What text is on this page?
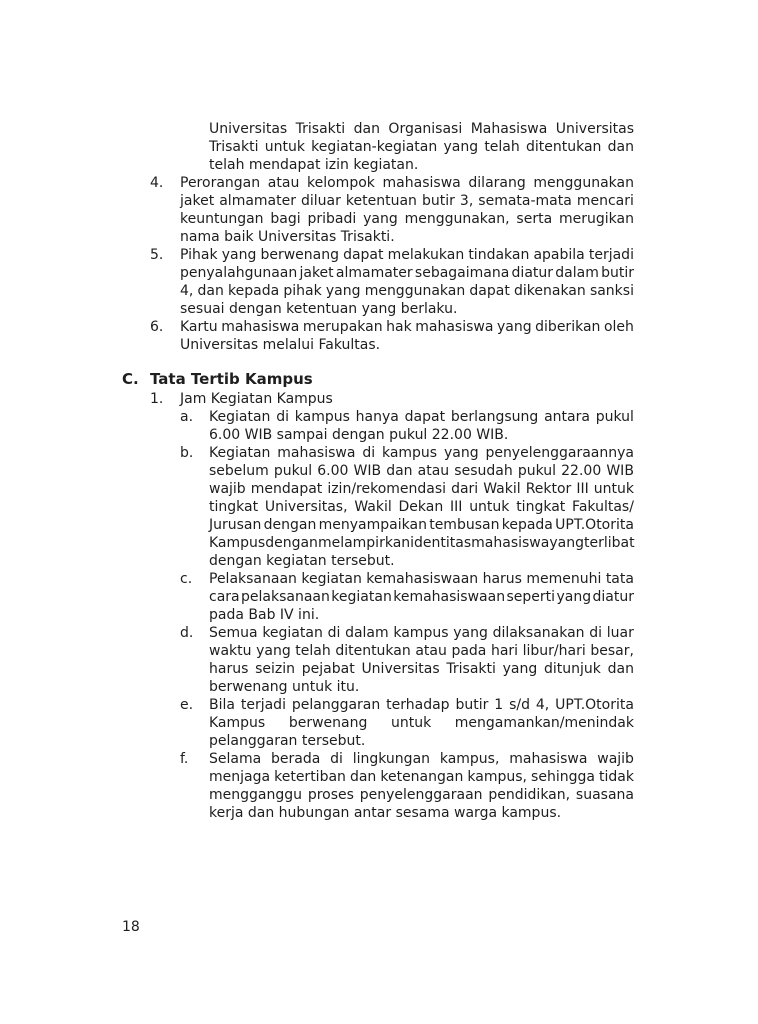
Universitas Trisakti dan Organisasi Mahasiswa Universitas
Trisakti untuk kegiatan-kegiatan yang telah ditentukan dan
telah mendapat izin kegiatan.
4. Perorangan atau kelompok mahasiswa dilarang menggunakan
jaket almamater diluar ketentuan butir 3, semata-mata mencari
keuntungan bagi pribadi yang menggunakan, serta merugikan
nama baik Universitas Trisakti.
5. Pihak yang berwenang dapat melakukan tindakan apabila terjadi
penyalahgunaan jaket almamater sebagaimana diatur dalam butir
4, dan kepada pihak yang menggunakan dapat dikenakan sanksi
sesuai dengan ketentuan yang berlaku.
6. Kartu mahasiswa merupakan hak mahasiswa yang diberikan oleh
Universitas melalui Fakultas.
C. Tata Tertib Kampus
1. Jam Kegiatan Kampus
a. Kegiatan di kampus hanya dapat berlangsung antara pukul
6.00 WIB sampai dengan pukul 22.00 WIB.
b. Kegiatan mahasiswa di kampus yang penyelenggaraannya
sebelum pukul 6.00 WIB dan atau sesudah pukul 22.00 WIB
wajib mendapat izin/rekomendasi dari Wakil Rektor III untuk
tingkat Universitas, Wakil Dekan III untuk tingkat Fakultas/
Jurusan dengan menyampaikan tembusan kepada UPT.Otorita
Kampus dengan melampirkan identitas mahasiswa yang terlibat
dengan kegiatan tersebut.
c. Pelaksanaan kegiatan kemahasiswaan harus memenuhi tata
cara pelaksanaan kegiatan kemahasiswaan seperti yang diatur
pada Bab IV ini.
d. Semua kegiatan di dalam kampus yang dilaksanakan di luar
waktu yang telah ditentukan atau pada hari libur/hari besar,
harus seizin pejabat Universitas Trisakti yang ditunjuk dan
berwenang untuk itu.
e. Bila terjadi pelanggaran terhadap butir 1 s/d 4, UPT.Otorita
Kampus berwenang untuk mengamankan/menindak
pelanggaran tersebut.
f. Selama berada di lingkungan kampus, mahasiswa wajib
menjaga ketertiban dan ketenangan kampus, sehingga tidak
mengganggu proses penyelenggaraan pendidikan, suasana
kerja dan hubungan antar sesama warga kampus.
18
